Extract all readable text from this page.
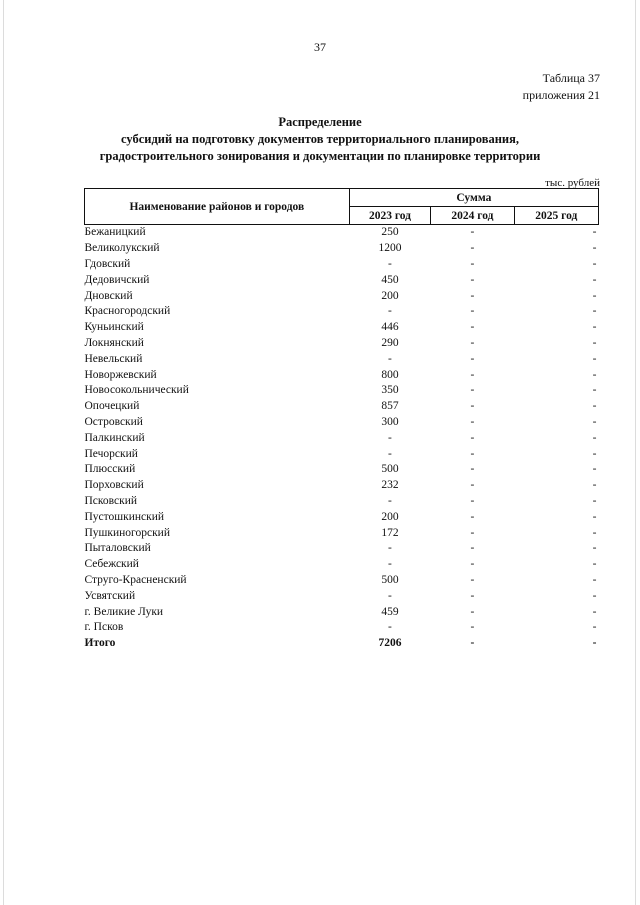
37
Таблица 37
приложения 21
Распределение
субсидий на подготовку документов территориального планирования,
градостроительного зонирования и документации по планировке территории
тыс. рублей
Наименование районов и городов	Сумма		
	2023 год	2024 год	2025 год
Бежаницкий	250	-	-
Великолукский	1200	-	-
Гдовский	-	-	-
Дедовичский	450	-	-
Дновский	200	-	-
Красногородский	-	-	-
Куньинский	446	-	-
Локнянский	290	-	-
Невельский	-	-	-
Новоржевский	800	-	-
Новосокольнический	350	-	-
Опочецкий	857	-	-
Островский	300	-	-
Палкинский	-	-	-
Печорский	-	-	-
Плюсский	500	-	-
Порховский	232	-	-
Псковский	-	-	-
Пустошкинский	200	-	-
Пушкиногорский	172	-	-
Пыталовский	-	-	-
Себежский	-	-	-
Струго-Красненский	500	-	-
Усвятский	-	-	-
г. Великие Луки	459	-	-
г. Псков	-	-	-
Итого	7206	-	-
